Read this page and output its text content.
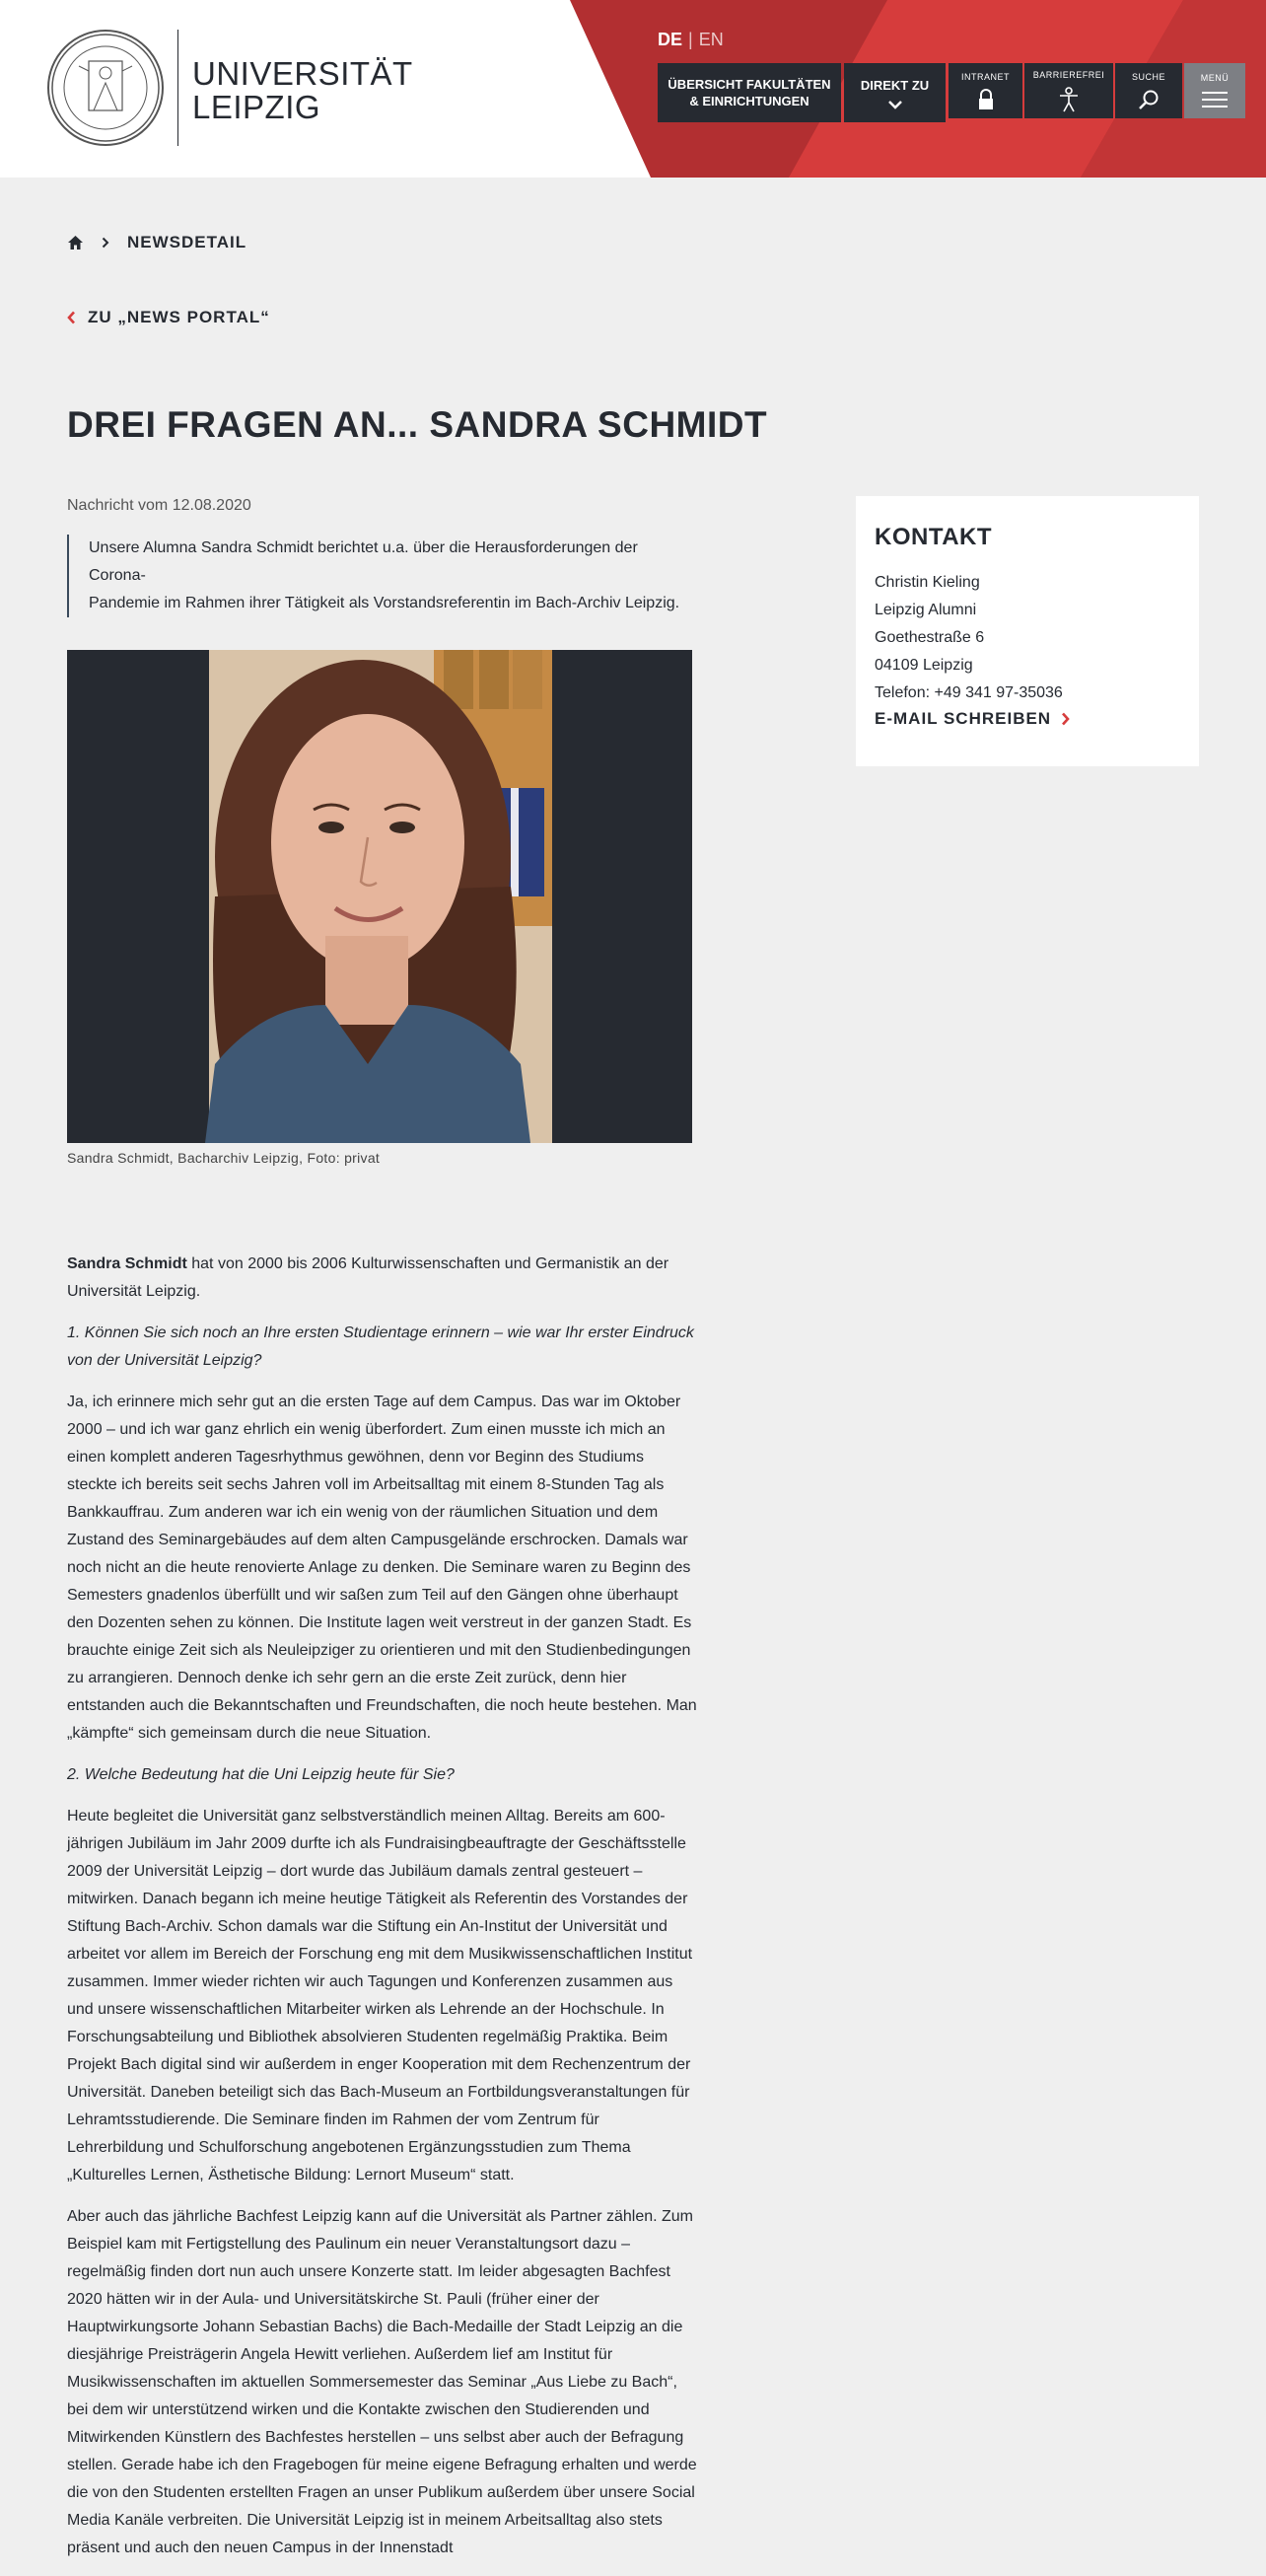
UNIVERSITÄT
LEIPZIG
DE | EN
ÜBERSICHT FAKULTÄTEN
& EINRICHTUNGEN
DIREKT ZU
INTRANET	BARRIEREFREI	SUCHE	MENÜ
NEWSDETAIL
ZU „NEWS PORTAL“
DREI FRAGEN AN... SANDRA SCHMIDT
Nachricht vom 12.08.2020
Unsere Alumna Sandra Schmidt berichtet u.a. über die Herausforderungen der Corona-
Pandemie im Rahmen ihrer Tätigkeit als Vorstandsreferentin im Bach-Archiv Leipzig.
Sandra Schmidt, Bacharchiv Leipzig, Foto: privat
KONTAKT
Christin Kieling
Leipzig Alumni
Goethestraße 6
04109 Leipzig
Telefon: +49 341 97-35036
E-MAIL SCHREIBEN

Sandra Schmidt hat von 2000 bis 2006 Kulturwissenschaften und Germanistik an der Universität Leipzig.

1. Können Sie sich noch an Ihre ersten Studientage erinnern – wie war Ihr erster Eindruck von der Universität Leipzig?

Ja, ich erinnere mich sehr gut an die ersten Tage auf dem Campus. Das war im Oktober 2000 – und ich war ganz ehrlich ein wenig überfordert. Zum einen musste ich mich an einen komplett anderen Tagesrhythmus gewöhnen, denn vor Beginn des Studiums steckte ich bereits seit sechs Jahren voll im Arbeitsalltag mit einem 8-Stunden Tag als Bankkauffrau. Zum anderen war ich ein wenig von der räumlichen Situation und dem Zustand des Seminargebäudes auf dem alten Campusgelände erschrocken. Damals war noch nicht an die heute renovierte Anlage zu denken. Die Seminare waren zu Beginn des Semesters gnadenlos überfüllt und wir saßen zum Teil auf den Gängen ohne überhaupt den Dozenten sehen zu können. Die Institute lagen weit verstreut in der ganzen Stadt. Es brauchte einige Zeit sich als Neuleipziger zu orientieren und mit den Studienbedingungen zu arrangieren. Dennoch denke ich sehr gern an die erste Zeit zurück, denn hier entstanden auch die Bekanntschaften und Freundschaften, die noch heute bestehen. Man „kämpfte“ sich gemeinsam durch die neue Situation.

2. Welche Bedeutung hat die Uni Leipzig heute für Sie?

Heute begleitet die Universität ganz selbstverständlich meinen Alltag. Bereits am 600-jährigen Jubiläum im Jahr 2009 durfte ich als Fundraisingbeauftragte der Geschäftsstelle 2009 der Universität Leipzig – dort wurde das Jubiläum damals zentral gesteuert – mitwirken. Danach begann ich meine heutige Tätigkeit als Referentin des Vorstandes der Stiftung Bach-Archiv. Schon damals war die Stiftung ein An-Institut der Universität und arbeitet vor allem im Bereich der Forschung eng mit dem Musikwissenschaftlichen Institut zusammen. Immer wieder richten wir auch Tagungen und Konferenzen zusammen aus und unsere wissenschaftlichen Mitarbeiter wirken als Lehrende an der Hochschule. In Forschungsabteilung und Bibliothek absolvieren Studenten regelmäßig Praktika. Beim Projekt Bach digital sind wir außerdem in enger Kooperation mit dem Rechenzentrum der Universität. Daneben beteiligt sich das Bach-Museum an Fortbildungsveranstaltungen für Lehramtsstudierende. Die Seminare finden im Rahmen der vom Zentrum für Lehrerbildung und Schulforschung angebotenen Ergänzungsstudien zum Thema „Kulturelles Lernen, Ästhetische Bildung: Lernort Museum“ statt.

Aber auch das jährliche Bachfest Leipzig kann auf die Universität als Partner zählen. Zum Beispiel kam mit Fertigstellung des Paulinum ein neuer Veranstaltungsort dazu – regelmäßig finden dort nun auch unsere Konzerte statt. Im leider abgesagten Bachfest 2020 hätten wir in der Aula- und Universitätskirche St. Pauli (früher einer der Hauptwirkungsorte Johann Sebastian Bachs) die Bach-Medaille der Stadt Leipzig an die diesjährige Preisträgerin Angela Hewitt verliehen. Außerdem lief am Institut für Musikwissenschaften im aktuellen Sommersemester das Seminar „Aus Liebe zu Bach“, bei dem wir unterstützend wirken und die Kontakte zwischen den Studierenden und Mitwirkenden Künstlern des Bachfestes herstellen – uns selbst aber auch der Befragung stellen. Gerade habe ich den Fragebogen für meine eigene Befragung erhalten und werde die von den Studenten erstellten Fragen an unser Publikum außerdem über unsere Social Media Kanäle verbreiten. Die Universität Leipzig ist in meinem Arbeitsalltag also stets präsent und auch den neuen Campus in der Innenstadt
